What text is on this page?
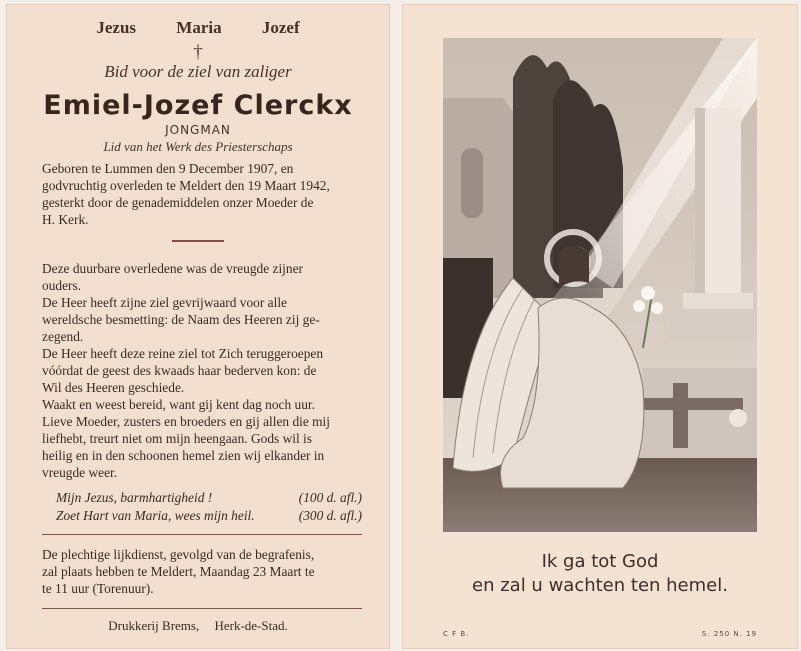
Jezus Maria Jozef
†
Bid voor de ziel van zaliger
Emiel-Jozef Clerckx
JONGMAN
Lid van het Werk des Priesterschaps

Geboren te Lummen den 9 December 1907, en

godvruchtig overleden te Meldert den 19 Maart 1942,

gesterkt door de genademiddelen onzer Moeder de

H. Kerk.

Deze duurbare overledene was de vreugde zijner

ouders.

De Heer heeft zijne ziel gevrijwaard voor alle

wereldsche besmetting: de Naam des Heeren zij ge-

zegend.

De Heer heeft deze reine ziel tot Zich teruggeroepen

vóórdat de geest des kwaads haar bederven kon: de

Wil des Heeren geschiede.

Waakt en weest bereid, want gij kent dag noch uur.

Lieve Moeder, zusters en broeders en gij allen die mij

liefhebt, treurt niet om mijn heengaan. Gods wil is

heilig en in den schoonen hemel zien wij elkander in

vreugde weer.

Mijn Jezus, barmhartigheid !	(100 d. afl.)
Zoet Hart van Maria, wees mijn heil.	(300 d. afl.)

De plechtige lijkdienst, gevolgd van de begrafenis,

zal plaats hebben te Meldert, Maandag 23 Maart te

te 11 uur (Torenuur).

Drukkerij Brems, Herk-de-Stad.
Ik ga tot God
en zal u wachten ten hemel.
C F B.	S. 250 N. 19
